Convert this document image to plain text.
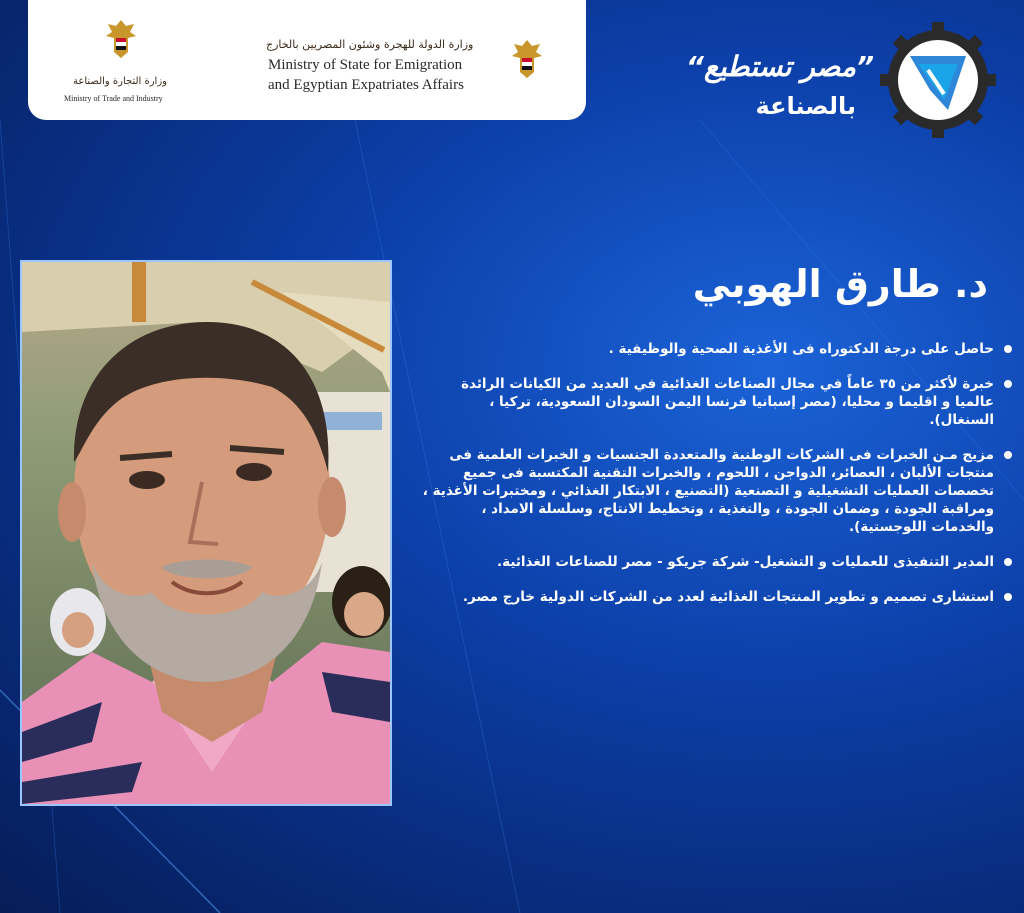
وزارة التجارة والصناعة
Ministry of Trade and Industry
وزارة الدولة للهجرة وشئون المصريين بالخارج
Ministry of State for Emigration
and Egyptian Expatriates Affairs
”مصر تستطيع“
بالصناعة
د. طارق الهوبي
حاصل على درجة الدكتوراه فى الأغذية الصحية والوظيفية .
خبرة لأكثر من ٣٥ عاماً في مجال الصناعات الغذائية في العديد من الكيانات الرائدة عالميا و اقليما و محليا، (مصر إسبانيا فرنسا اليمن السودان السعودية، تركيا ، السنغال).
مزيج مـن الخبرات فى الشركات الوطنية والمتعددة الجنسيات و الخبرات العلمية فى منتجات الألبان ، العصائر، الدواجن ، اللحوم ، والخبرات التقنية المكتسبة فى جميع تخصصات العمليات التشغيلية و التصنعية (التصنيع ، الابتكار الغذائي ، ومختبرات الأغذية ، ومراقبة الجودة ، وضمان الجودة ، والتغذية ، وتخطيط الانتاج، وسلسلة الامداد ، والخدمات اللوجستية).
المدير التنفيذى للعمليات و التشغيل- شركة جريكو - مصر للصناعات الغذائية.
استشارى تصميم و تطوير المنتجات الغذائية لعدد من الشركات الدولية خارج مصر.
